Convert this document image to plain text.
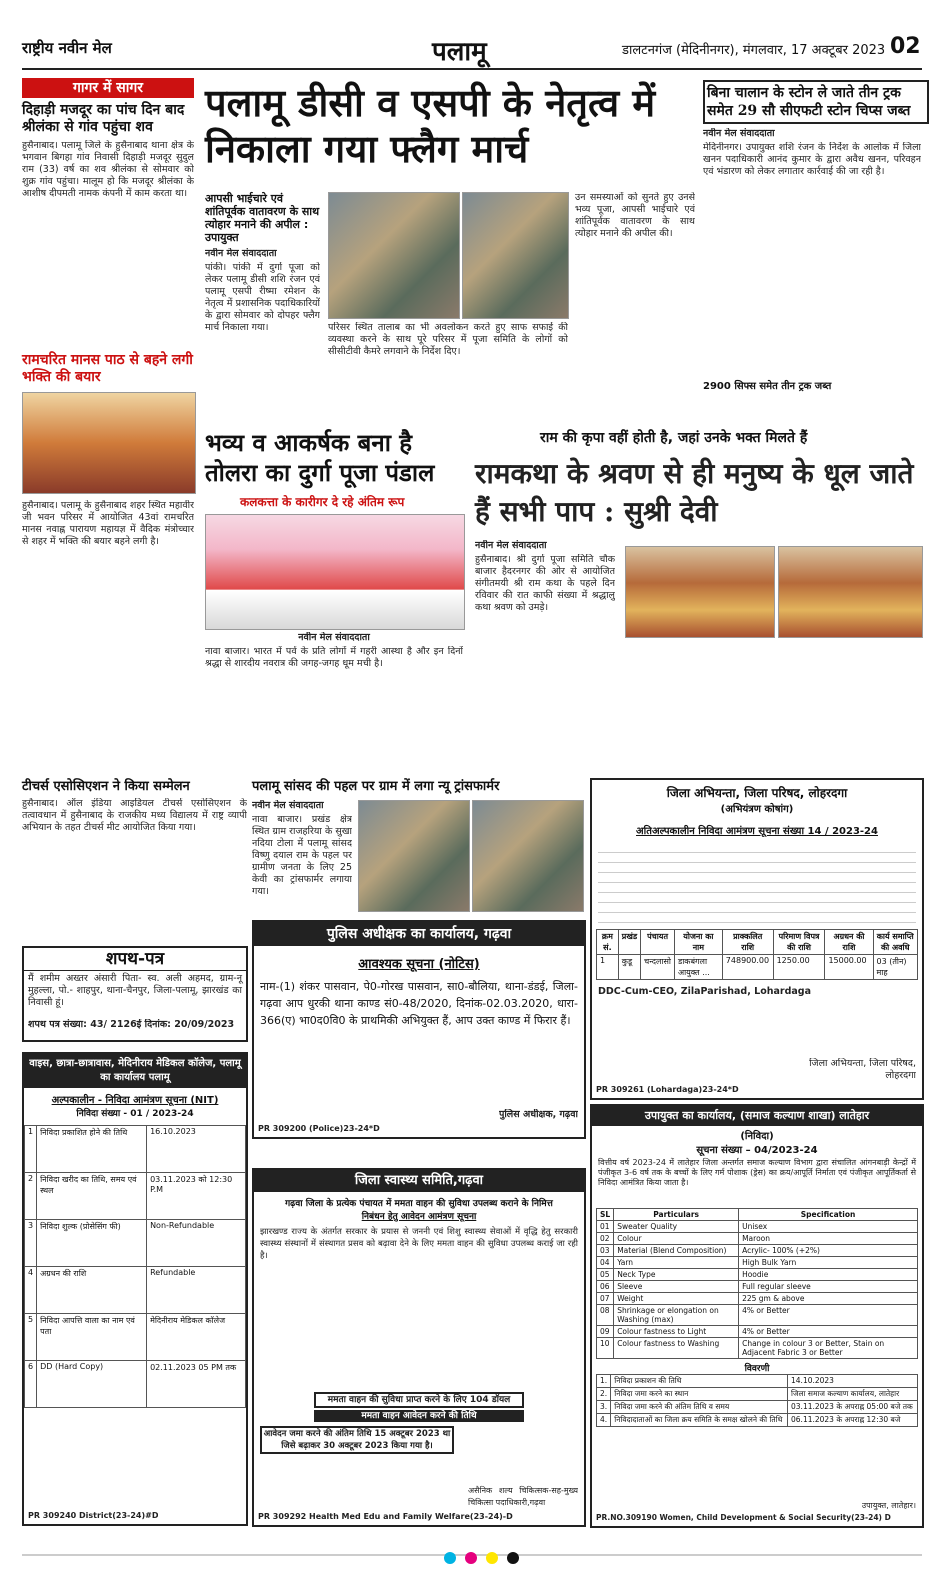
राष्ट्रीय नवीन मेल	पलामू	डालटनगंज (मेदिनीनगर), मंगलवार, 17 अक्टूबर 2023 02
गागर में सागर
दिहाड़ी मजदूर का पांच दिन बाद श्रीलंका से गांव पहुंचा शव
हुसैनाबाद। पलामू जिले के हुसैनाबाद थाना क्षेत्र के भगवान बिगहा गांव निवासी दिहाड़ी मजदूर सुदुल राम (33) वर्ष का शव श्रीलंका से सोमवार को शुक्र गांव पहुंचा। मालूम हो कि मजदूर श्रीलंका के आशीष दीपमती नामक कंपनी में काम करता था।
रामचरित मानस पाठ से बहने लगी भक्ति की बयार
हुसैनाबाद। पलामू के हुसैनाबाद शहर स्थित महावीर जी भवन परिसर में आयोजित 43वां रामचरित मानस नवाह्न पारायण महायज्ञ में वैदिक मंत्रोच्चार से शहर में भक्ति की बयार बहने लगी है।
पलामू डीसी व एसपी के नेतृत्व में निकाला गया फ्लैग मार्च
आपसी भाईचारे एवं शांतिपूर्वक वातावरण के साथ त्योहार मनाने की अपील : उपायुक्त
नवीन मेल संवाददाता
पांकी। पांकी में दुर्गा पूजा को लेकर पलामू डीसी शशि रंजन एवं पलामू एसपी रीष्मा रमेशन के नेतृत्व में प्रशासनिक पदाधिकारियों के द्वारा सोमवार को दोपहर फ्लैग मार्च निकाला गया।	परिसर स्थित तालाब का भी अवलोकन करते हुए साफ सफाई की व्यवस्था करने के साथ पूरे परिसर में पूजा समिति के लोगों को सीसीटीवी कैमरे लगवाने के निर्देश दिए।
उन समस्याओं को सुनते हुए उनसे भव्य पूजा, आपसी भाईचारे एवं शांतिपूर्वक वातावरण के साथ त्योहार मनाने की अपील की।
बिना चालान के स्टोन ले जाते तीन ट्रक समेत 29 सौ सीएफटी स्टोन चिप्स जब्त
नवीन मेल संवाददाता
मेदिनीनगर। उपायुक्त शशि रंजन के निर्देश के आलोक में जिला खनन पदाधिकारी आनंद कुमार के द्वारा अवैध खनन, परिवहन एवं भंडारण को लेकर लगातार कार्रवाई की जा रही है।
2900 सिफ्स समेत तीन ट्रक जब्त
भव्य व आकर्षक बना है तोलरा का दुर्गा पूजा पंडाल
कलकत्ता के कारीगर दे रहे अंतिम रूप
नवीन मेल संवाददाता
नावा बाजार। भारत में पर्व के प्रति लोगों में गहरी आस्था है और इन दिनों श्रद्धा से शारदीय नवरात्र की जगह-जगह धूम मची है।
राम की कृपा वहीं होती है, जहां उनके भक्त मिलते हैं
रामकथा के श्रवण से ही मनुष्य के धूल जाते हैं सभी पाप : सुश्री देवी
नवीन मेल संवाददाता
हुसैनाबाद। श्री दुर्गा पूजा समिति चौक बाजार हैदरनगर की ओर से आयोजित संगीतमयी श्री राम कथा के पहले दिन रविवार की रात काफी संख्या में श्रद्धालु कथा श्रवण को उमड़े।
टीचर्स एसोसिएशन ने किया सम्मेलन
हुसैनाबाद। ऑल इंडिया आइडियल टीचर्स एसोसिएशन के तत्वावधान में हुसैनाबाद के राजकीय मध्य विद्यालय में राष्ट्र व्यापी अभियान के तहत टीचर्स मीट आयोजित किया गया।
पलामू सांसद की पहल पर ग्राम में लगा न्यू ट्रांसफार्मर
नवीन मेल संवाददाता
नावा बाजार। प्रखंड क्षेत्र स्थित ग्राम राजहरिया के सुखा नदिया टोला में पलामू सांसद विष्णु दयाल राम के पहल पर ग्रामीण जनता के लिए 25 केवी का ट्रांसफार्मर लगाया गया।
शपथ-पत्र
मैं शमीम अख्तर अंसारी पिता- स्व. अली अहमद, ग्राम-नू मुहल्ला, पो.- शाहपुर, थाना-चैनपुर, जिला-पलामू, झारखंड का निवासी हूं।
शपथ पत्र संख्या: 43/ 2126ई दिनांक: 20/09/2023
वाइस, छात्रा-छात्रावास, मेदिनीराय मेडिकल कॉलेज, पलामू का कार्यालय पलामू
अल्पकालीन - निविदा आमंत्रण सूचना (NIT)
निविदा संख्या - 01 / 2023-24
1	निविदा प्रकाशित होने की तिथि	16.10.2023
2	निविदा खरीद का तिथि, समय एवं स्थल	03.11.2023 को 12:30 P.M
3	निविदा शुल्क (प्रोसेसिंग फी)	Non-Refundable
4	अग्रधन की राशि	Refundable
5	निविदा आपत्ति वाला का नाम एवं पता	मेदिनीराय मेडिकल कॉलेज
6	DD (Hard Copy)	02.11.2023 05 PM तक
PR 309240 District(23-24)#D
पुलिस अधीक्षक का कार्यालय, गढ़वा
आवश्यक सूचना (नोटिस)
नाम-(1) शंकर पासवान, पे0-गोरख पासवान, सा0-बौलिया, थाना-डंडई, जिला-गढ़वा आप धुरकी थाना काण्ड सं0-48/2020, दिनांक-02.03.2020, धारा- 366(ए) भा0द0वि0 के प्राथमिकी अभियुक्त हैं, आप उक्त काण्ड में फिरार हैं।
पुलिस अधीक्षक, गढ़वा
PR 309200 (Police)23-24*D
जिला स्वास्थ्य समिति,गढ़वा
गढ़वा जिला के प्रत्येक पंचायत में ममता वाहन की सुविधा उपलब्ध कराने के निमित्त
निबंधन हेतु आवेदन आमंत्रण सूचना
झारखण्ड राज्य के अंतर्गत सरकार के प्रयास से जननी एवं शिशु स्वास्थ्य सेवाओं में वृद्धि हेतु सरकारी स्वास्थ्य संस्थानों में संस्थागत प्रसव को बढ़ावा देने के लिए ममता वाहन की सुविधा उपलब्ध कराई जा रही है।
ममता वाहन की सुविधा प्राप्त करने के लिए 104 डॉयल
ममता वाहन आवेदन करने की तिथि
आवेदन जमा करने की अंतिम तिथि 15 अक्टूबर 2023 था जिसे बढ़ाकर 30 अक्टूबर 2023 किया गया है।
असैनिक शल्य चिकित्सक-सह-मुख्य चिकित्सा पदाधिकारी,गढ़वा
PR 309292 Health Med Edu and Family Welfare(23-24)-D
जिला अभियन्ता, जिला परिषद, लोहरदगा
(अभियंत्रण कोषांग)
अतिअल्पकालीन निविदा आमंत्रण सूचना संख्या 14 / 2023-24
क्रम सं.	प्रखंड	पंचायत	योजना का नाम	प्राक्कलित राशि	परिमाण विपत्र की राशि	अग्रधन की राशि	कार्य समाप्ति की अवधि
1	कुडू	चन्दलासो	डाकबंगला आयुक्त ...	748900.00	1250.00	15000.00	03 (तीन) माह
DDC-Cum-CEO, ZilaParishad, Lohardaga
जिला अभियन्ता, जिला परिषद, लोहरदगा
PR 309261 (Lohardaga)23-24*D
उपायुक्त का कार्यालय, (समाज कल्याण शाखा) लातेहार
(निविदा)
सूचना संख्या – 04/2023-24
वित्तीय वर्ष 2023-24 में लातेहार जिला अन्तर्गत समाज कल्याण विभाग द्वारा संचालित आंगनबाड़ी केन्द्रों में पंजीकृत 3-6 वर्ष तक के बच्चों के लिए गर्म पोशाक (ड्रेस) का क्रय/आपूर्ति निर्माता एवं पंजीकृत आपूर्तिकर्ता से निविदा आमंत्रित किया जाता है।
SL	Particulars	Specification
01	Sweater Quality	Unisex
02	Colour	Maroon
03	Material (Blend Composition)	Acrylic- 100% (+2%)
04	Yarn	High Bulk Yarn
05	Neck Type	Hoodie
06	Sleeve	Full regular sleeve
07	Weight	225 gm & above
08	Shrinkage or elongation on Washing (max)	4% or Better
09	Colour fastness to Light	4% or Better
10	Colour fastness to Washing	Change in colour 3 or Better, Stain on Adjacent Fabric 3 or Better
विवरणी
1.	निविदा प्रकाशन की तिथि	14.10.2023
2.	निविदा जमा करने का स्थान	जिला समाज कल्याण कार्यालय, लातेहार
3.	निविदा जमा करने की अंतिम तिथि व समय	03.11.2023 के अपराह्न 05:00 बजे तक
4.	निविदादाताओं का जिला क्रय समिति के समक्ष खोलने की तिथि	06.11.2023 के अपराह्न 12:30 बजे
उपायुक्त, लातेहार।
PR.NO.309190 Women, Child Development & Social Security(23-24) D
